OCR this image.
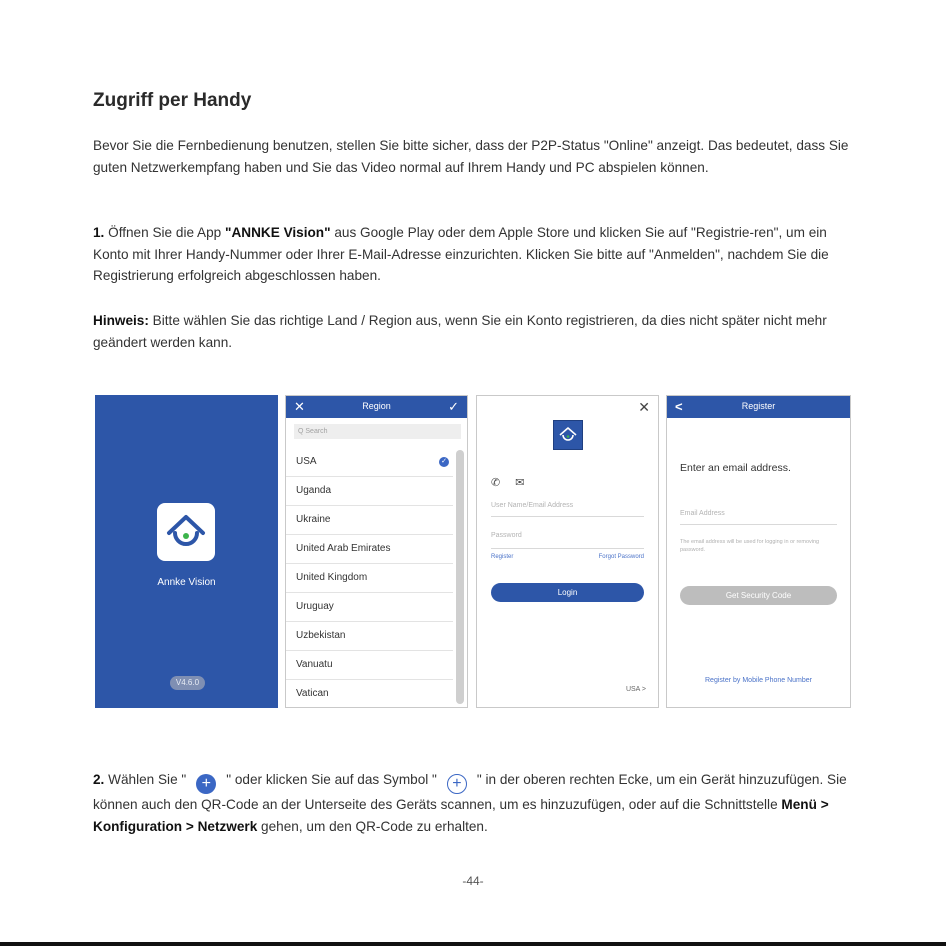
Zugriff per Handy

Bevor Sie die Fernbedienung benutzen, stellen Sie bitte sicher, dass der P2P-Status "Online" anzeigt. Das bedeutet, dass Sie guten Netzwerkempfang haben und Sie das Video normal auf Ihrem Handy und PC abspielen können.

1. Öffnen Sie die App "ANNKE Vision" aus Google Play oder dem Apple Store und klicken Sie auf "Registrie-ren", um ein Konto mit Ihrer Handy-Nummer oder Ihrer E-Mail-Adresse einzurichten. Klicken Sie bitte auf "Anmelden", nachdem Sie die Registrierung erfolgreich abgeschlossen haben.

Hinweis: Bitte wählen Sie das richtige Land / Region aus, wenn Sie ein Konto registrieren, da dies nicht später nicht mehr geändert werden kann.

Annke Vision
V4.6.0
✕	Region	✓
Q Search
USA	✓
Uganda
Ukraine
United Arab Emirates
United Kingdom
Uruguay
Uzbekistan
Vanuatu
Vatican
✕
✆ ✉
User Name/Email Address
Password
Register	Forgot Password
Login
USA >
<	Register
Enter an email address.
Email Address
The email address will be used for logging in or removing password.
Get Security Code
Register by Mobile Phone Number

2. Wählen Sie " + " oder klicken Sie auf das Symbol " + " in der oberen rechten Ecke, um ein Gerät hinzuzufügen. Sie können auch den QR-Code an der Unterseite des Geräts scannen, um es hinzuzufügen, oder auf die Schnittstelle Menü > Konfiguration > Netzwerk gehen, um den QR-Code zu erhalten.

-44-
